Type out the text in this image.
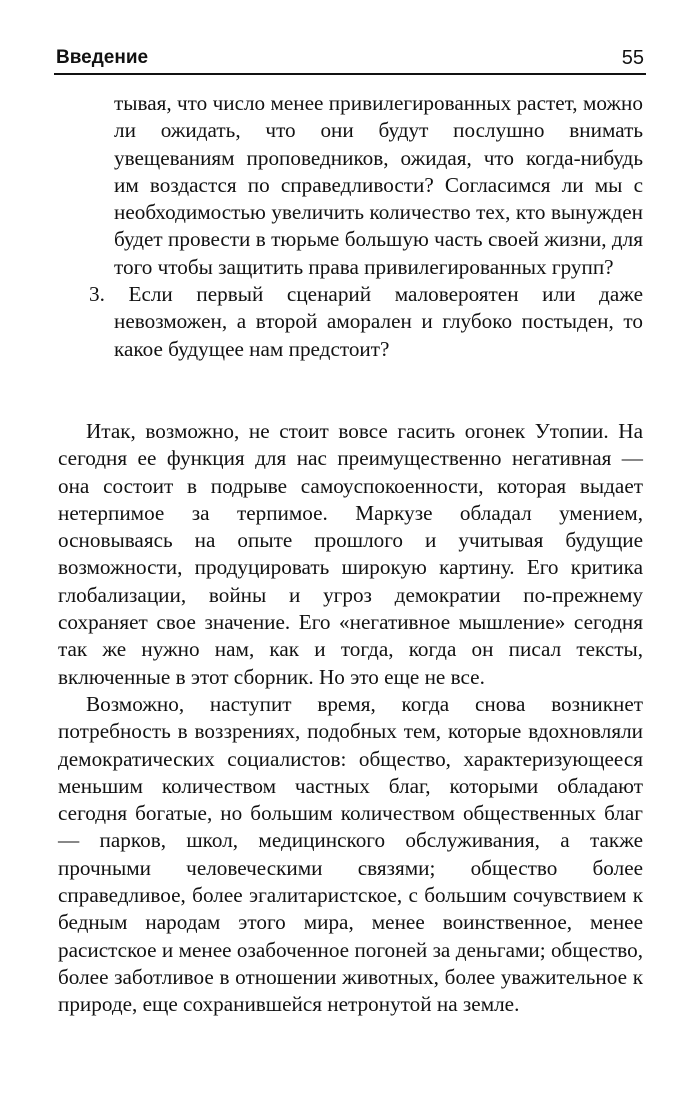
Введение	55

тывая, что число менее привилегированных растет, можно ли ожидать, что они будут послушно внимать увещеваниям проповедников, ожидая, что когда-нибудь им воздастся по справедливости? Согласимся ли мы с необходимостью увеличить количество тех, кто вынужден будет провести в тюрьме большую часть своей жизни, для того чтобы защитить права привилегированных групп?

3. Если первый сценарий маловероятен или даже невозможен, а второй аморален и глубоко постыден, то какое будущее нам предстоит?

Итак, возможно, не стоит вовсе гасить огонек Утопии. На сегодня ее функция для нас преимущественно негативная — она состоит в подрыве самоуспокоенности, которая выдает нетерпимое за терпимое. Маркузе обладал умением, основываясь на опыте прошлого и учитывая будущие возможности, продуцировать широкую картину. Его критика глобализации, войны и угроз демократии по-прежнему сохраняет свое значение. Его «негативное мышление» сегодня так же нужно нам, как и тогда, когда он писал тексты, включенные в этот сборник. Но это еще не все.

Возможно, наступит время, когда снова возникнет потребность в воззрениях, подобных тем, которые вдохновляли демократических социалистов: общество, характеризующееся меньшим количеством частных благ, которыми обладают сегодня богатые, но большим количеством общественных благ — парков, школ, медицинского обслуживания, а также прочными человеческими связями; общество более справедливое, более эгалитаристское, с большим сочувствием к бедным народам этого мира, менее воинственное, менее расистское и менее озабоченное погоней за деньгами; общество, более заботливое в отношении животных, более уважительное к природе, еще сохранившейся нетронутой на земле.
